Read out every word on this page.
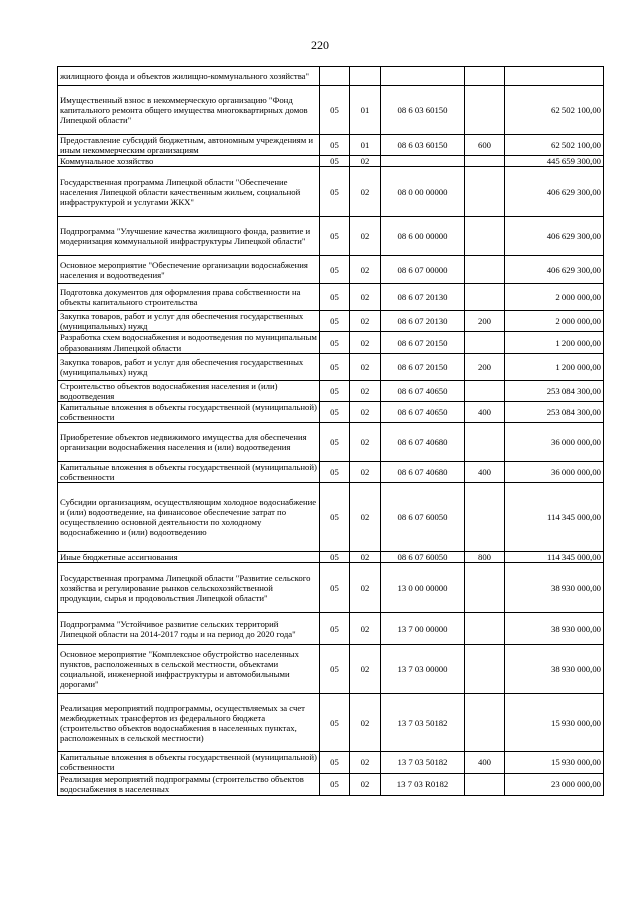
220
жилищного фонда и объектов жилищно-коммунального хозяйства"					
Имущественный взнос в некоммерческую организацию "Фонд капитального ремонта общего имущества многоквартирных домов Липецкой области"	05	01	08 6 03 60150		62 502 100,00
Предоставление субсидий бюджетным, автономным учреждениям и иным некоммерческим организациям	05	01	08 6 03 60150	600	62 502 100,00
Коммунальное хозяйство	05	02			445 659 300,00
Государственная программа Липецкой области "Обеспечение населения Липецкой области качественным жильем, социальной инфраструктурой и услугами ЖКХ"	05	02	08 0 00 00000		406 629 300,00
Подпрограмма "Улучшение качества жилищного фонда, развитие и модернизация коммунальной инфраструктуры Липецкой области"	05	02	08 6 00 00000		406 629 300,00
Основное мероприятие "Обеспечение организации водоснабжения населения и водоотведения"	05	02	08 6 07 00000		406 629 300,00
Подготовка документов для оформления права собственности на объекты капитального строительства	05	02	08 6 07 20130		2 000 000,00
Закупка товаров, работ и услуг для обеспечения государственных (муниципальных) нужд	05	02	08 6 07 20130	200	2 000 000,00
Разработка схем водоснабжения и водоотведения по муниципальным образованиям Липецкой области	05	02	08 6 07 20150		1 200 000,00
Закупка товаров, работ и услуг для обеспечения государственных (муниципальных) нужд	05	02	08 6 07 20150	200	1 200 000,00
Строительство объектов водоснабжения населения и (или) водоотведения	05	02	08 6 07 40650		253 084 300,00
Капитальные вложения в объекты государственной (муниципальной) собственности	05	02	08 6 07 40650	400	253 084 300,00
Приобретение объектов недвижимого имущества для обеспечения организации водоснабжения населения и (или) водоотведения	05	02	08 6 07 40680		36 000 000,00
Капитальные вложения в объекты государственной (муниципальной) собственности	05	02	08 6 07 40680	400	36 000 000,00
Субсидии организациям, осуществляющим холодное водоснабжение и (или) водоотведение, на финансовое обеспечение затрат по осуществлению основной деятельности по холодному водоснабжению и (или) водоотведению	05	02	08 6 07 60050		114 345 000,00
Иные бюджетные ассигнования	05	02	08 6 07 60050	800	114 345 000,00
Государственная программа Липецкой области "Развитие сельского хозяйства и регулирование рынков сельскохозяйственной продукции, сырья и продовольствия Липецкой области"	05	02	13 0 00 00000		38 930 000,00
Подпрограмма "Устойчивое развитие сельских территорий Липецкой области на 2014-2017 годы и на период до 2020 года"	05	02	13 7 00 00000		38 930 000,00
Основное мероприятие "Комплексное обустройство населенных пунктов, расположенных в сельской местности, объектами социальной, инженерной инфраструктуры и автомобильными дорогами"	05	02	13 7 03 00000		38 930 000,00
Реализация мероприятий подпрограммы, осуществляемых за счет межбюджетных трансфертов из федерального бюджета (строительство объектов водоснабжения в населенных пунктах, расположенных в сельской местности)	05	02	13 7 03 50182		15 930 000,00
Капитальные вложения в объекты государственной (муниципальной) собственности	05	02	13 7 03 50182	400	15 930 000,00
Реализация мероприятий подпрограммы (строительство объектов водоснабжения в населенных	05	02	13 7 03 R0182		23 000 000,00
